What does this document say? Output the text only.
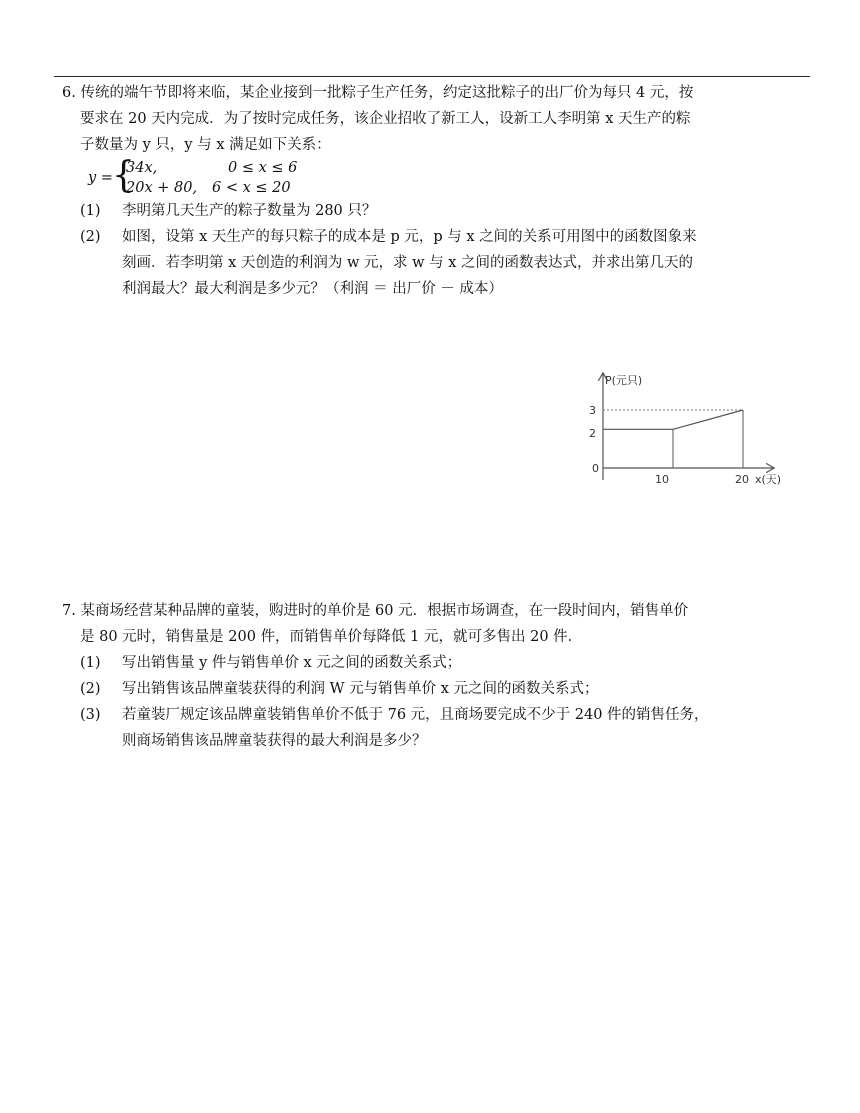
6. 传统的端午节即将来临，某企业接到一批粽子生产任务，约定这批粽子的出厂价为每只 4 元，按
要求在 20 天内完成．为了按时完成任务，该企业招收了新工人，设新工人李明第 x 天生产的粽
子数量为 y 只，y 与 x 满足如下关系：
y = {
34x,	0 ≤ x ≤ 6
20x + 80, 6 < x ≤ 20
(1)	李明第几天生产的粽子数量为 280 只？
(2)	如图，设第 x 天生产的每只粽子的成本是 p 元，p 与 x 之间的关系可用图中的函数图象来
刻画．若李明第 x 天创造的利润为 w 元，求 w 与 x 之间的函数表达式，并求出第几天的
利润最大？最大利润是多少元？（利润 ＝ 出厂价 － 成本）
P(元只)
x(天)
0
3
2
10	20
7. 某商场经营某种品牌的童装，购进时的单价是 60 元．根据市场调查，在一段时间内，销售单价
是 80 元时，销售量是 200 件，而销售单价每降低 1 元，就可多售出 20 件．
(1)	写出销售量 y 件与销售单价 x 元之间的函数关系式；
(2)	写出销售该品牌童装获得的利润 W 元与销售单价 x 元之间的函数关系式；
(3)	若童装厂规定该品牌童装销售单价不低于 76 元，且商场要完成不少于 240 件的销售任务，
则商场销售该品牌童装获得的最大利润是多少？
